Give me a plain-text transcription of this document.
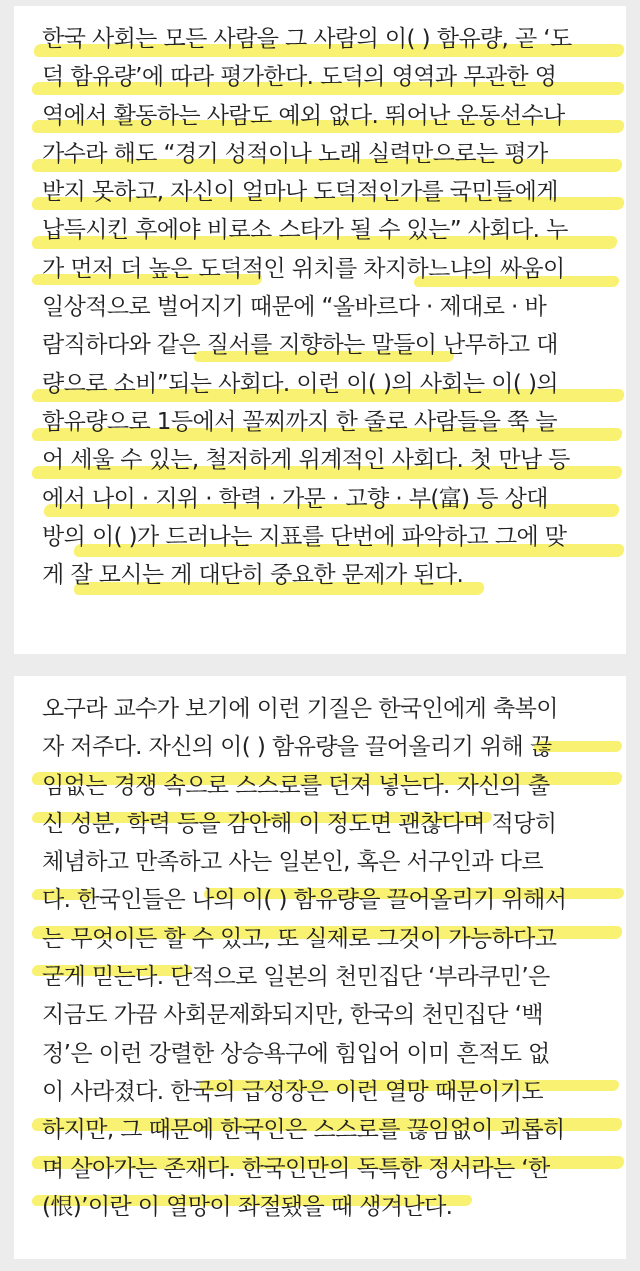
한국 사회는 모든 사람을 그 사람의 이( ) 함유량, 곧 ‘도
덕 함유량’에 따라 평가한다. 도덕의 영역과 무관한 영
역에서 활동하는 사람도 예외 없다. 뛰어난 운동선수나
가수라 해도 “경기 성적이나 노래 실력만으로는 평가
받지 못하고, 자신이 얼마나 도덕적인가를 국민들에게
납득시킨 후에야 비로소 스타가 될 수 있는” 사회다. 누
가 먼저 더 높은 도덕적인 위치를 차지하느냐의 싸움이
일상적으로 벌어지기 때문에 “올바르다 · 제대로 · 바
람직하다와 같은 질서를 지향하는 말들이 난무하고 대
량으로 소비”되는 사회다. 이런 이( )의 사회는 이( )의
함유량으로 1등에서 꼴찌까지 한 줄로 사람들을 쭉 늘
어 세울 수 있는, 철저하게 위계적인 사회다. 첫 만남 등
에서 나이 · 지위 · 학력 · 가문 · 고향 · 부(富) 등 상대
방의 이( )가 드러나는 지표를 단번에 파악하고 그에 맞
게 잘 모시는 게 대단히 중요한 문제가 된다.

오구라 교수가 보기에 이런 기질은 한국인에게 축복이
자 저주다. 자신의 이( ) 함유량을 끌어올리기 위해 끊
임없는 경쟁 속으로 스스로를 던져 넣는다. 자신의 출
신 성분, 학력 등을 감안해 이 정도면 괜찮다며 적당히
체념하고 만족하고 사는 일본인, 혹은 서구인과 다르
다. 한국인들은 나의 이( ) 함유량을 끌어올리기 위해서
는 무엇이든 할 수 있고, 또 실제로 그것이 가능하다고
굳게 믿는다. 단적으로 일본의 천민집단 ‘부라쿠민’은
지금도 가끔 사회문제화되지만, 한국의 천민집단 ‘백
정’은 이런 강렬한 상승욕구에 힘입어 이미 흔적도 없
이 사라졌다. 한국의 급성장은 이런 열망 때문이기도
하지만, 그 때문에 한국인은 스스로를 끊임없이 괴롭히
며 살아가는 존재다. 한국인만의 독특한 정서라는 ‘한
(恨)’이란 이 열망이 좌절됐을 때 생겨난다.
